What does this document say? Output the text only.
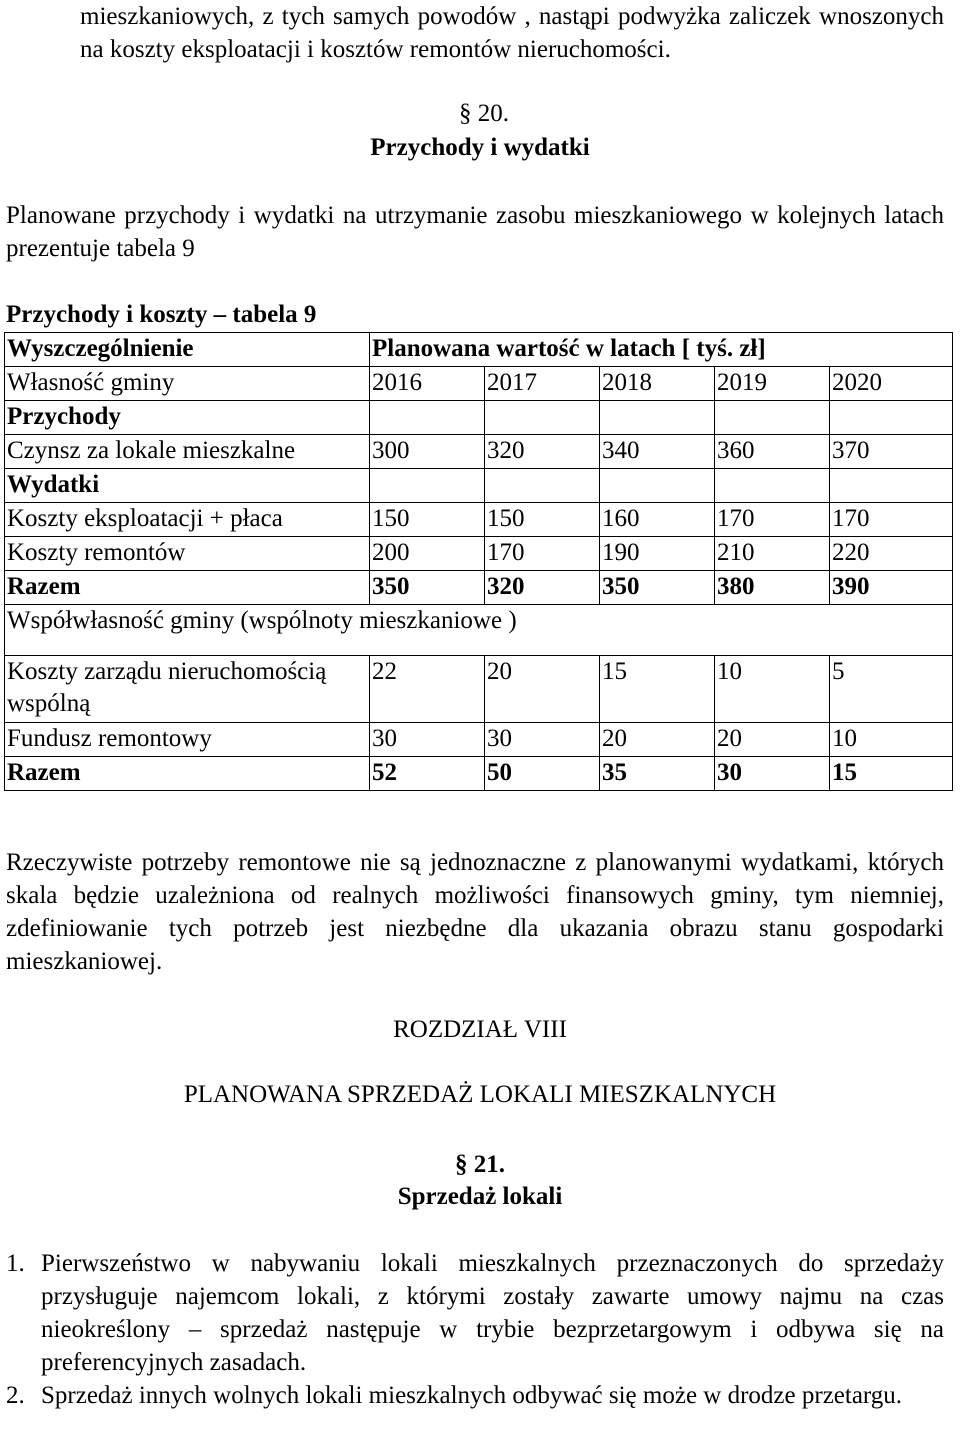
mieszkaniowych, z tych samych powodów , nastąpi podwyżka zaliczek wnoszonych na koszty eksploatacji i kosztów remontów nieruchomości.
§ 20.
Przychody i wydatki
Planowane przychody i wydatki na utrzymanie zasobu mieszkaniowego w kolejnych latach prezentuje tabela 9
Przychody i koszty – tabela 9
Wyszczególnienie	Planowana wartość w latach [ tyś. zł]				
Własność gminy	2016	2017	2018	2019	2020
Przychody					
Czynsz za lokale mieszkalne	300	320	340	360	370
Wydatki					
Koszty eksploatacji + płaca	150	150	160	170	170
Koszty remontów	200	170	190	210	220
Razem	350	320	350	380	390
Współwłasność gminy (wspólnoty mieszkaniowe )					
Koszty zarządu nieruchomością wspólną	22	20	15	10	5
Fundusz remontowy	30	30	20	20	10
Razem	52	50	35	30	15
Rzeczywiste potrzeby remontowe nie są jednoznaczne z planowanymi wydatkami, których skala będzie uzależniona od realnych możliwości finansowych gminy, tym niemniej, zdefiniowanie tych potrzeb jest niezbędne dla ukazania obrazu stanu gospodarki mieszkaniowej.
ROZDZIAŁ VIII
PLANOWANA SPRZEDAŻ LOKALI MIESZKALNYCH
§ 21.
Sprzedaż lokali
1. Pierwszeństwo w nabywaniu lokali mieszkalnych przeznaczonych do sprzedaży przysługuje najemcom lokali, z którymi zostały zawarte umowy najmu na czas nieokreślony – sprzedaż następuje w trybie bezprzetargowym i odbywa się na preferencyjnych zasadach.
2. Sprzedaż innych wolnych lokali mieszkalnych odbywać się może w drodze przetargu.
